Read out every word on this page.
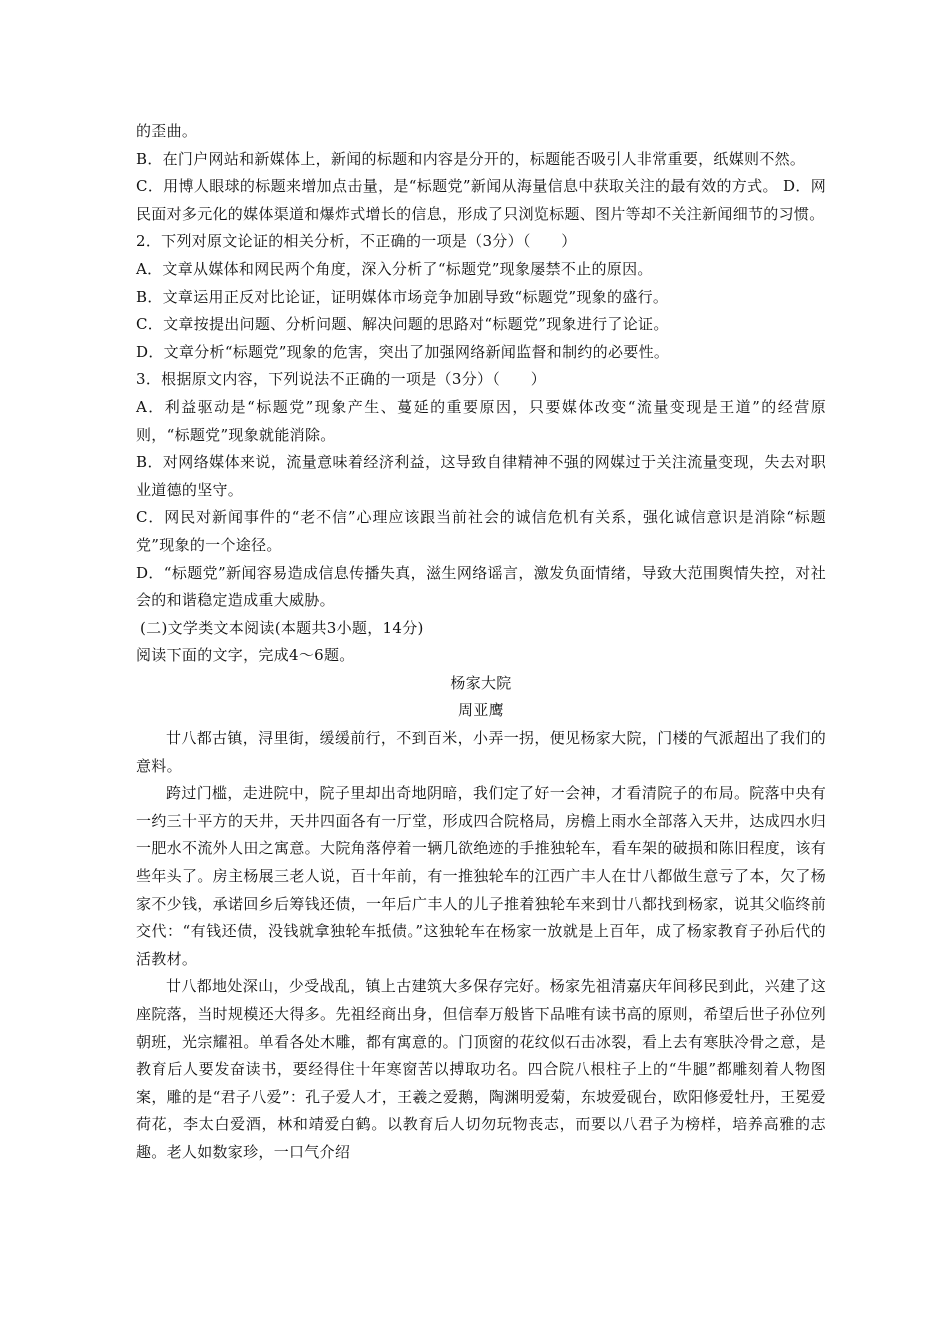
的歪曲。

B．在门户网站和新媒体上，新闻的标题和内容是分开的，标题能否吸引人非常重要，纸媒则不然。

C．用博人眼球的标题来增加点击量，是“标题党”新闻从海量信息中获取关注的最有效的方式。 D．网民面对多元化的媒体渠道和爆炸式增长的信息，形成了只浏览标题、图片等却不关注新闻细节的习惯。

2．下列对原文论证的相关分析，不正确的一项是（3分）（　　）

A．文章从媒体和网民两个角度，深入分析了“标题党”现象屡禁不止的原因。

B．文章运用正反对比论证，证明媒体市场竞争加剧导致“标题党”现象的盛行。

C．文章按提出问题、分析问题、解决问题的思路对“标题党”现象进行了论证。

D．文章分析“标题党”现象的危害，突出了加强网络新闻监督和制约的必要性。

3．根据原文内容，下列说法不正确的一项是（3分）（　　）

A．利益驱动是“标题党”现象产生、蔓延的重要原因，只要媒体改变“流量变现是王道”的经营原则，“标题党”现象就能消除。

B．对网络媒体来说，流量意味着经济利益，这导致自律精神不强的网媒过于关注流量变现，失去对职业道德的坚守。

C．网民对新闻事件的“老不信”心理应该跟当前社会的诚信危机有关系，强化诚信意识是消除“标题党”现象的一个途径。

D．“标题党”新闻容易造成信息传播失真，滋生网络谣言，激发负面情绪，导致大范围舆情失控，对社会的和谐稳定造成重大威胁。

(二)文学类文本阅读(本题共3小题，14分)

阅读下面的文字，完成4～6题。

杨家大院

周亚鹰

廿八都古镇，浔里街，缓缓前行，不到百米，小弄一拐，便见杨家大院，门楼的气派超出了我们的意料。

跨过门槛，走进院中，院子里却出奇地阴暗，我们定了好一会神，才看清院子的布局。院落中央有一约三十平方的天井，天井四面各有一厅堂，形成四合院格局，房檐上雨水全部落入天井，达成四水归一肥水不流外人田之寓意。大院角落停着一辆几欲绝迹的手推独轮车，看车架的破损和陈旧程度，该有些年头了。房主杨展三老人说，百十年前，有一推独轮车的江西广丰人在廿八都做生意亏了本，欠了杨家不少钱，承诺回乡后筹钱还债，一年后广丰人的儿子推着独轮车来到廿八都找到杨家，说其父临终前交代：“有钱还债，没钱就拿独轮车抵债。”这独轮车在杨家一放就是上百年，成了杨家教育子孙后代的活教材。

廿八都地处深山，少受战乱，镇上古建筑大多保存完好。杨家先祖清嘉庆年间移民到此，兴建了这座院落，当时规模还大得多。先祖经商出身，但信奉万般皆下品唯有读书高的原则，希望后世子孙位列朝班，光宗耀祖。单看各处木雕，都有寓意的。门顶窗的花纹似石击冰裂，看上去有寒肤冷骨之意，是教育后人要发奋读书，要经得住十年寒窗苦以搏取功名。四合院八根柱子上的“牛腿”都雕刻着人物图案，雕的是“君子八爱”：孔子爱人才，王羲之爱鹅，陶渊明爱菊，东坡爱砚台，欧阳修爱牡丹，王冕爱荷花，李太白爱酒，林和靖爱白鹤。以教育后人切勿玩物丧志，而要以八君子为榜样，培养高雅的志趣。老人如数家珍，一口气介绍
